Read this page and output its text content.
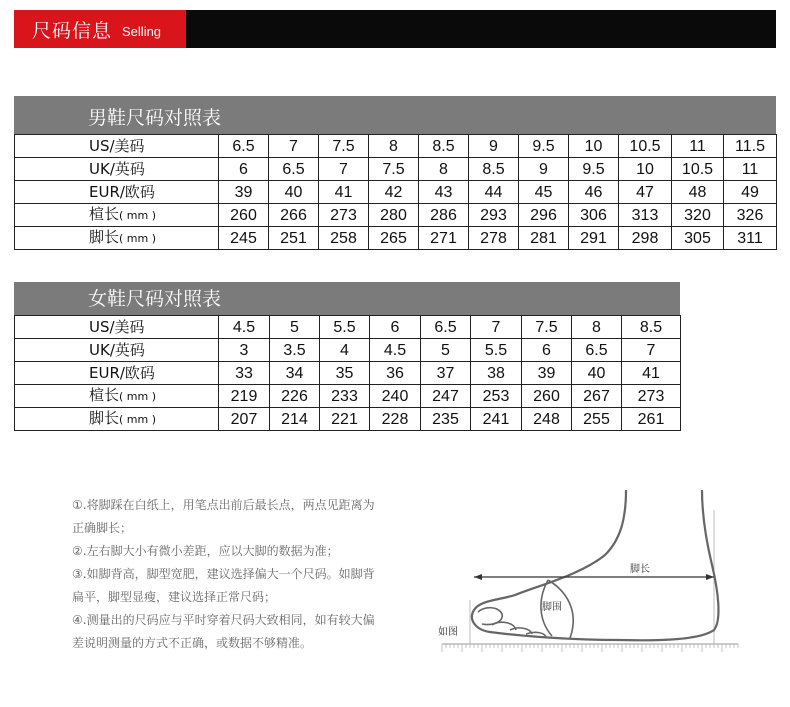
尺码信息 Selling
男鞋尺码对照表
US/美码	6.5	7	7.5	8	8.5	9	9.5	10	10.5	11	11.5
UK/英码	6	6.5	7	7.5	8	8.5	9	9.5	10	10.5	11
EUR/欧码	39	40	41	42	43	44	45	46	47	48	49
楦长( mm )	260	266	273	280	286	293	296	306	313	320	326
脚长( mm )	245	251	258	265	271	278	281	291	298	305	311
女鞋尺码对照表
US/美码	4.5	5	5.5	6	6.5	7	7.5	8	8.5
UK/英码	3	3.5	4	4.5	5	5.5	6	6.5	7
EUR/欧码	33	34	35	36	37	38	39	40	41
楦长( mm )	219	226	233	240	247	253	260	267	273
脚长( mm )	207	214	221	228	235	241	248	255	261
①.将脚踩在白纸上，用笔点出前后最长点，两点见距离为
正确脚长；
②.左右脚大小有微小差距，应以大脚的数据为准；
③.如脚背高，脚型宽肥，建议选择偏大一个尺码。如脚背
扁平，脚型显瘦，建议选择正常尺码；
④.测量出的尺码应与平时穿着尺码大致相同，如有较大偏
差说明测量的方式不正确，或数据不够精准。
脚长
脚围
如图
